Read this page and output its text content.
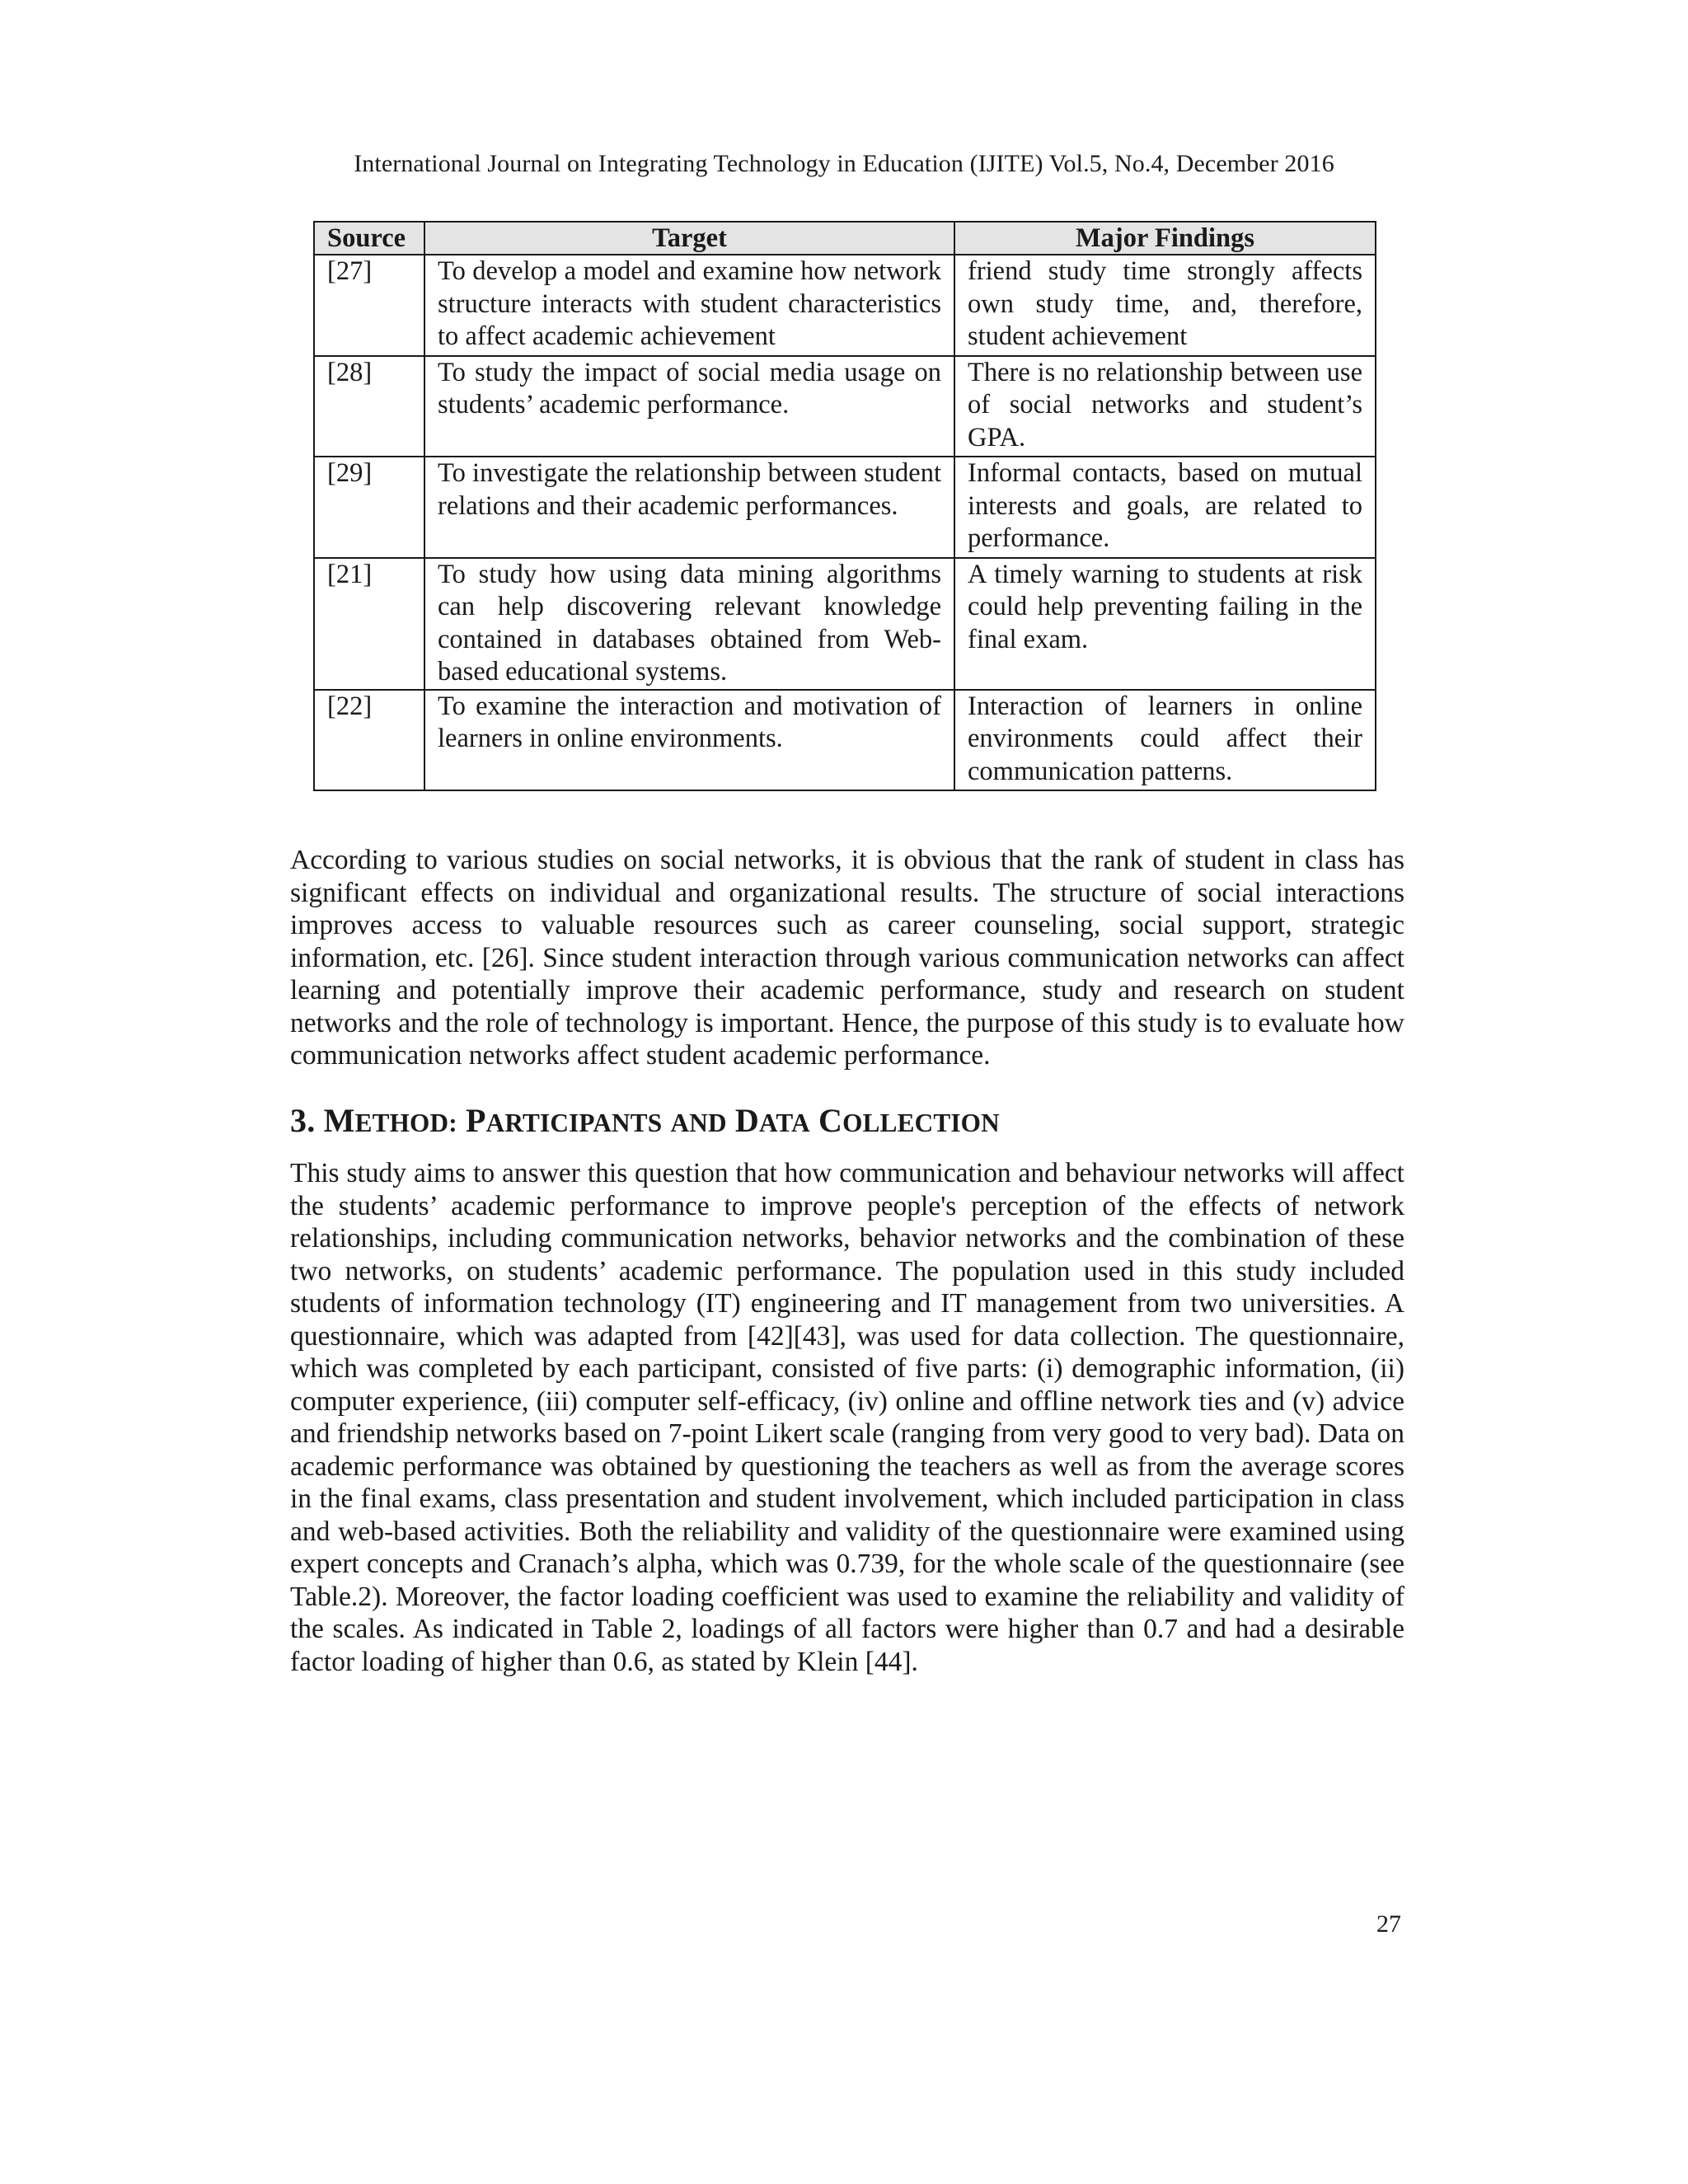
International Journal on Integrating Technology in Education (IJITE) Vol.5, No.4, December 2016
Source	Target	Major Findings
[27]	To develop a model and examine how network structure interacts with student characteristics to affect academic achievement	friend study time strongly affects own study time, and, therefore, student achievement
[28]	To study the impact of social media usage on students’ academic performance.	There is no relationship between use of social networks and student’s GPA.
[29]	To investigate the relationship between student relations and their academic performances.	Informal contacts, based on mutual interests and goals, are related to performance.
[21]	To study how using data mining algorithms can help discovering relevant knowledge contained in databases obtained from Web-based educational systems.	A timely warning to students at risk could help preventing failing in the final exam.
[22]	To examine the interaction and motivation of learners in online environments.	Interaction of learners in online environments could affect their communication patterns.

According to various studies on social networks, it is obvious that the rank of student in class has significant effects on individual and organizational results. The structure of social interactions improves access to valuable resources such as career counseling, social support, strategic information, etc. [26]. Since student interaction through various communication networks can affect learning and potentially improve their academic performance, study and research on student networks and the role of technology is important. Hence, the purpose of this study is to evaluate how communication networks affect student academic performance.

3. METHOD: PARTICIPANTS AND DATA COLLECTION

This study aims to answer this question that how communication and behaviour networks will affect the students’ academic performance to improve people's perception of the effects of network relationships, including communication networks, behavior networks and the combination of these two networks, on students’ academic performance. The population used in this study included students of information technology (IT) engineering and IT management from two universities. A questionnaire, which was adapted from [42][43], was used for data collection. The questionnaire, which was completed by each participant, consisted of five parts: (i) demographic information, (ii) computer experience, (iii) computer self-efficacy, (iv) online and offline network ties and (v) advice and friendship networks based on 7-point Likert scale (ranging from very good to very bad). Data on academic performance was obtained by questioning the teachers as well as from the average scores in the final exams, class presentation and student involvement, which included participation in class and web-based activities. Both the reliability and validity of the questionnaire were examined using expert concepts and Cranach’s alpha, which was 0.739, for the whole scale of the questionnaire (see Table.2). Moreover, the factor loading coefficient was used to examine the reliability and validity of the scales. As indicated in Table 2, loadings of all factors were higher than 0.7 and had a desirable factor loading of higher than 0.6, as stated by Klein [44].

27
